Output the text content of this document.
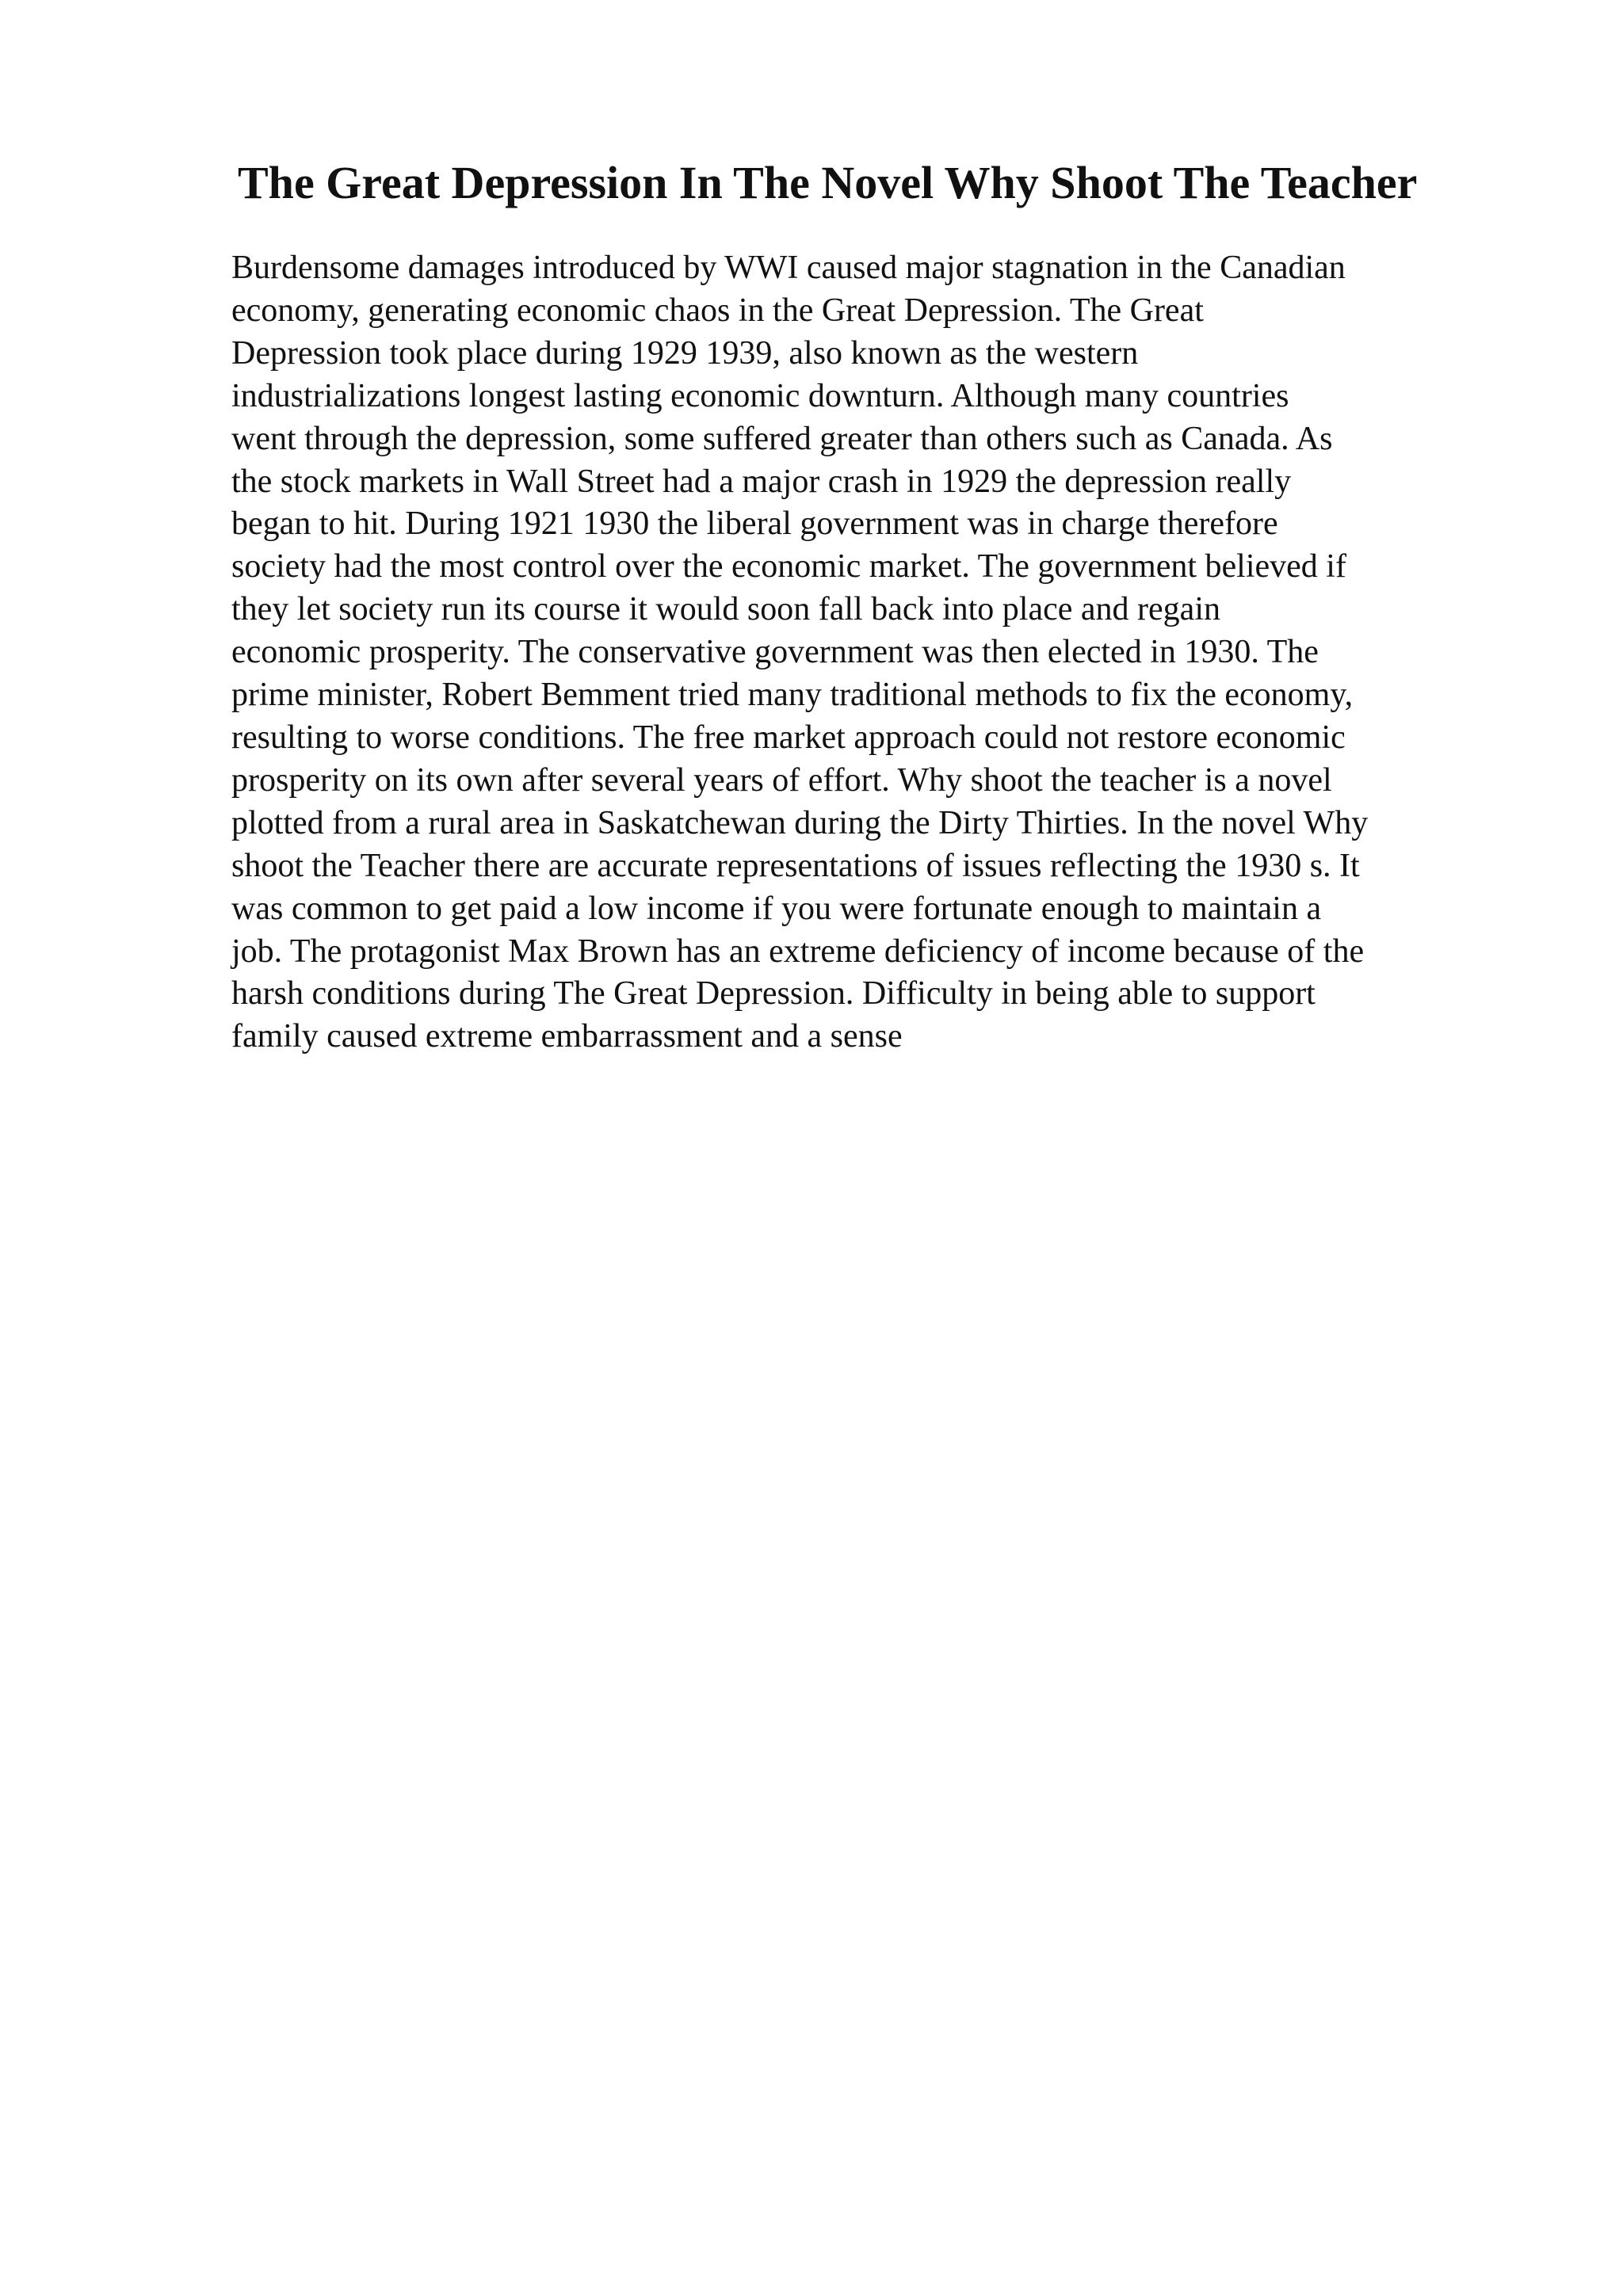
The Great Depression In The Novel Why Shoot The Teacher
Burdensome damages introduced by WWI caused major stagnation in the Canadian
economy, generating economic chaos in the Great Depression. The Great
Depression took place during 1929 1939, also known as the western
industrializations longest lasting economic downturn. Although many countries
went through the depression, some suffered greater than others such as Canada. As
the stock markets in Wall Street had a major crash in 1929 the depression really
began to hit. During 1921 1930 the liberal government was in charge therefore
society had the most control over the economic market. The government believed if
they let society run its course it would soon fall back into place and regain
economic prosperity. The conservative government was then elected in 1930. The
prime minister, Robert Bemment tried many traditional methods to fix the economy,
resulting to worse conditions. The free market approach could not restore economic
prosperity on its own after several years of effort. Why shoot the teacher is a novel
plotted from a rural area in Saskatchewan during the Dirty Thirties. In the novel Why
shoot the Teacher there are accurate representations of issues reflecting the 1930 s. It
was common to get paid a low income if you were fortunate enough to maintain a
job. The protagonist Max Brown has an extreme deficiency of income because of the
harsh conditions during The Great Depression. Difficulty in being able to support
family caused extreme embarrassment and a sense
